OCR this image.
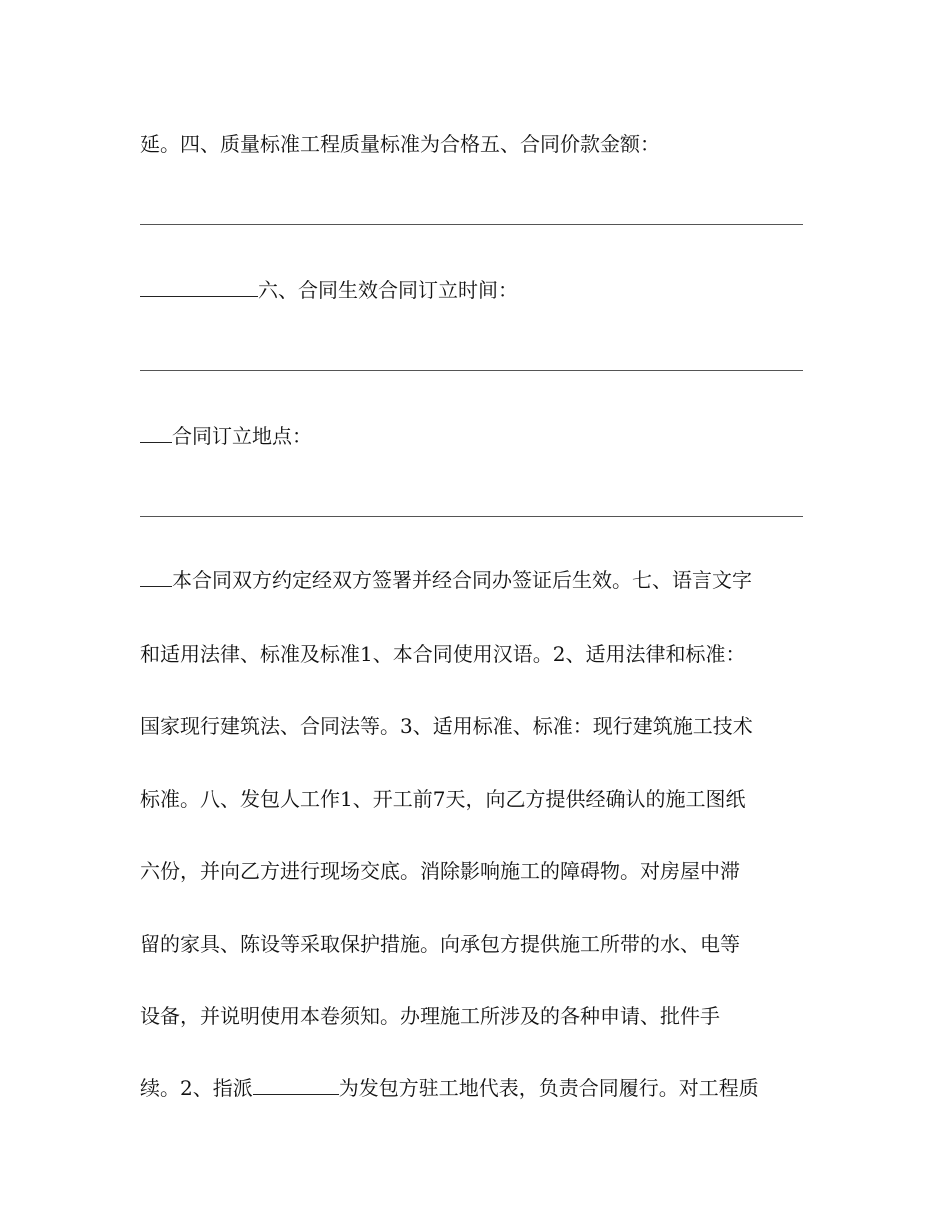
延。四、质量标准工程质量标准为合格五、合同价款金额：
六、合同生效合同订立时间：
合同订立地点：
本合同双方约定经双方签署并经合同办签证后生效。七、语言文字
和适用法律、标准及标准1、本合同使用汉语。2、适用法律和标准：
国家现行建筑法、合同法等。3、适用标准、标准：现行建筑施工技术
标准。八、发包人工作1、开工前7天，向乙方提供经确认的施工图纸
六份，并向乙方进行现场交底。消除影响施工的障碍物。对房屋中滞
留的家具、陈设等采取保护措施。向承包方提供施工所带的水、电等
设备，并说明使用本卷须知。办理施工所涉及的各种申请、批件手
续。2、指派	为发包方驻工地代表，负责合同履行。对工程质
